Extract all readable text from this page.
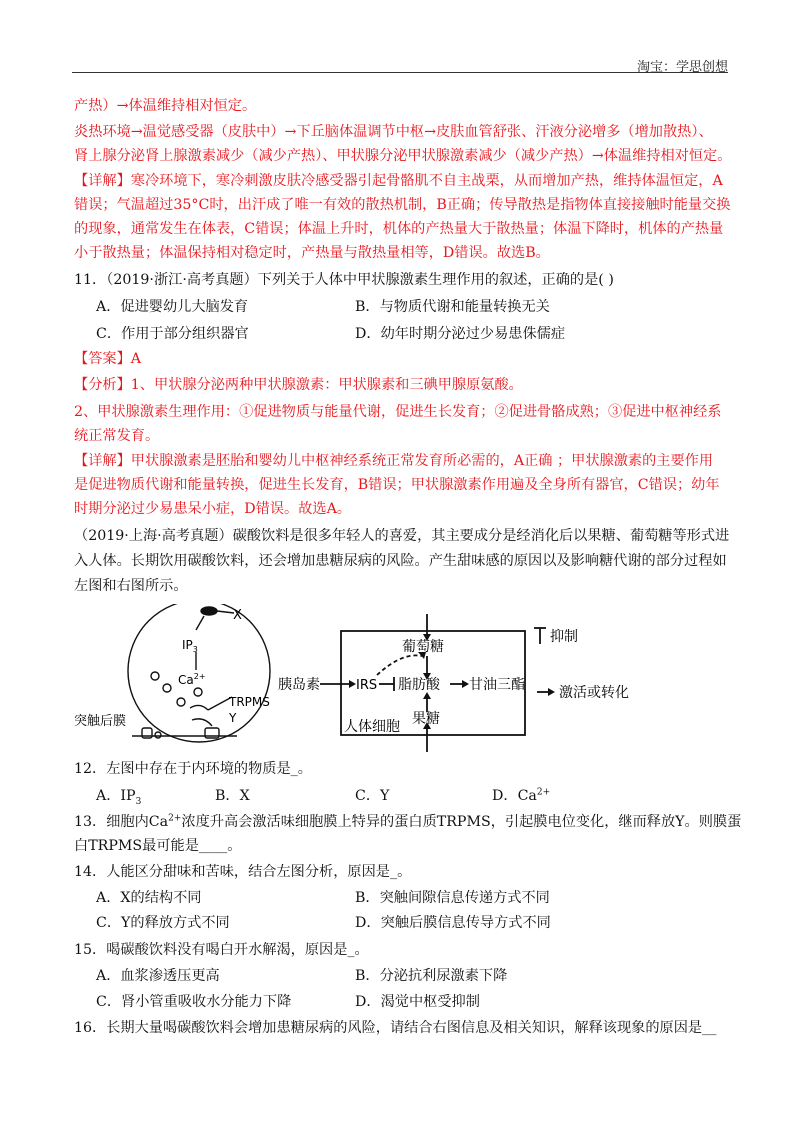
淘宝：学思创想
产热）→体温维持相对恒定。
炎热环境→温觉感受器（皮肤中）→下丘脑体温调节中枢→皮肤血管舒张、汗液分泌增多（增加散热）、
肾上腺分泌肾上腺激素减少（减少产热）、甲状腺分泌甲状腺激素减少（减少产热）→体温维持相对恒定。
【详解】寒冷环境下，寒冷刺激皮肤冷感受器引起骨骼肌不自主战栗，从而增加产热，维持体温恒定，A
错误；气温超过35°C时，出汗成了唯一有效的散热机制，B正确；传导散热是指物体直接接触时能量交换
的现象，通常发生在体表，C错误；体温上升时，机体的产热量大于散热量；体温下降时，机体的产热量
小于散热量；体温保持相对稳定时，产热量与散热量相等，D错误。故选B。
11．（2019·浙江·高考真题）下列关于人体中甲状腺激素生理作用的叙述，正确的是( )
A．促进婴幼儿大脑发育	B．与物质代谢和能量转换无关
C．作用于部分组织器官	D．幼年时期分泌过少易患侏儒症
【答案】A
【分析】1、甲状腺分泌两种甲状腺激素：甲状腺素和三碘甲腺原氨酸。
2、甲状腺激素生理作用：①促进物质与能量代谢，促进生长发育；②促进骨骼成熟；③促进中枢神经系
统正常发育。
【详解】甲状腺激素是胚胎和婴幼儿中枢神经系统正常发育所必需的，A正确 ；甲状腺激素的主要作用
是促进物质代谢和能量转换，促进生长发育，B错误；甲状腺激素作用遍及全身所有器官，C错误；幼年
时期分泌过少易患呆小症，D错误。故选A。
（2019·上海·高考真题）碳酸饮料是很多年轻人的喜爱，其主要成分是经消化后以果糖、葡萄糖等形式进
入人体。长期饮用碳酸饮料，还会增加患糖尿病的风险。产生甜味感的原因以及影响糖代谢的部分过程如
左图和右图所示。
X
$IP_3$
$Ca^{2+}$
TRPMS
Y
突触后膜
葡萄糖
胰岛素	IRS 脂肪酸 甘油三酯
果糖
人体细胞
抑制
激活或转化
12．左图中存在于内环境的物质是_。
A．$IP_3$	B．X	C．Y	D．$Ca^{2+}$
13．细胞内$Ca^{2+}$浓度升高会激活味细胞膜上特异的蛋白质TRPMS，引起膜电位变化，继而释放Y。则膜蛋
白TRPMS最可能是____。
14．人能区分甜味和苦味，结合左图分析，原因是_。
A．X的结构不同	B．突触间隙信息传递方式不同
C．Y的释放方式不同	D．突触后膜信息传导方式不同
15．喝碳酸饮料没有喝白开水解渴，原因是_。
A．血浆渗透压更高	B．分泌抗利尿激素下降
C．肾小管重吸收水分能力下降	D．渴觉中枢受抑制
16．长期大量喝碳酸饮料会增加患糖尿病的风险，请结合右图信息及相关知识，解释该现象的原因是__
